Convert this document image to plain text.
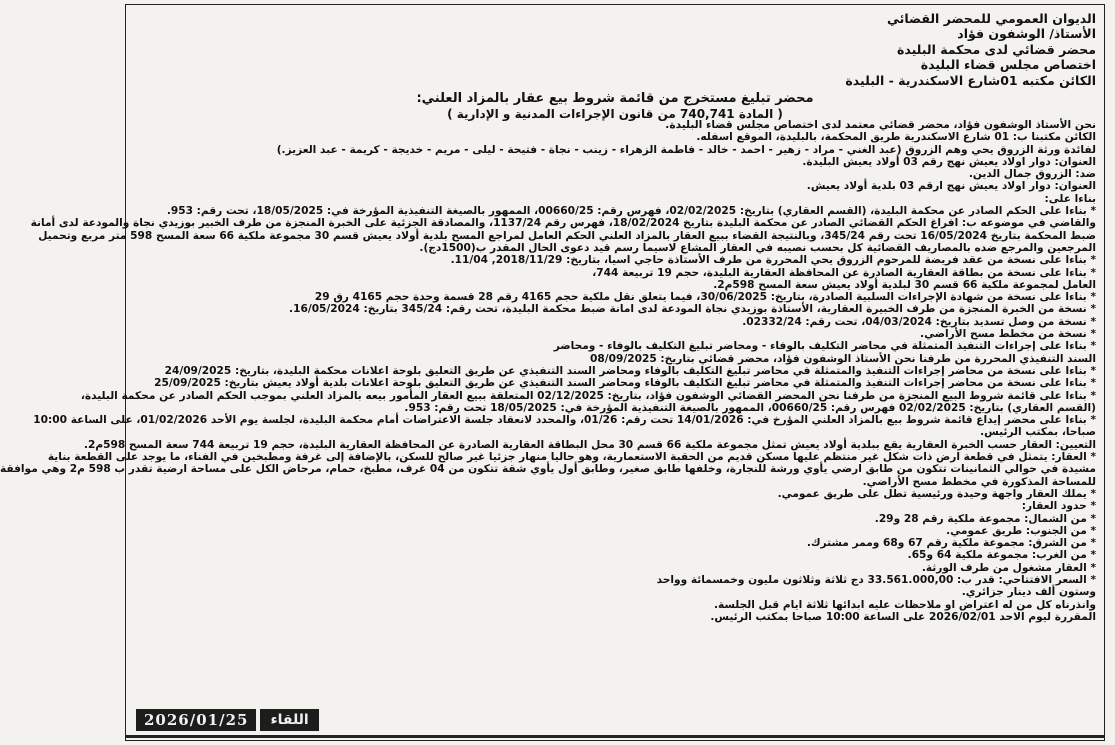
الديوان العمومي للمحضر القضائي
الأستاذ/ الوشفون فؤاد
محضر قضائي لدى محكمة البليدة
اختصاص مجلس قضاء البليدة
الكائن مكتبه 01شارع الاسكندرية - البليدة
محضر تبليغ مستخرج من قائمة شروط بيع عقار بالمزاد العلني:
( المادة 740,741 من قانون الإجراءات المدنية و الإدارية )
نحن الأستاذ الوشفون فؤاد، محضر قضائي معتمد لدى اختصاص مجلس قضاء البليدة.
الكائن مكتبنا ب: 01 شارع الاسكندرية طريق المحكمة، بالبليدة، الموقع اسفله.
لفائدة ورثة الزروق يحي وهم الزروق (عبد الغني - مراد - زهير - احمد - خالد - فاطمة الزهراء - زينب - نجاة - فتيحة - ليلى - مريم - خديجة - كريمة - عبد العزيز.)
العنوان: دوار اولاد يعيش نهج رقم 03 أولاد يعيش البليدة.
ضد: الزروق جمال الدين.
العنوان: دوار اولاد يعيش نهج ارقم 03 بلدية أولاد يعيش.
بناءا على:
* بناءا على الحكم الصادر عن محكمة البليدة، (القسم العقاري) بتاريخ: 02/02/2025، فهرس رقم: 00660/25، الممهور بالصيغة التنفيذية المؤرخة في: 18/05/2025، تحت رقم: 953.
والقاضي في موضوعه ب: افراغ الحكم القضائي الصادر عن محكمة البليدة بتاريخ 18/02/2024، فهرس رقم 1137/24، والمصادقة الجزئية على الخبرة المنجزة من طرف الخبير بوزيدي نجاة والمودعة لدى أمانة
ضبط المحكمة بتاريخ 16/05/2024 تحت رقم 345/24، وبالنتيجة القضاء ببيع العقار بالمزاد العلني الحكم العامل لمراجع المسح بلدية أولاد يعيش قسم 30 مجموعة ملكية 66 سعة المسح 598 متر مربع وتحميل
المرجعين والمرجع ضده بالمصاريف القضائية كل بحسب نصيبه في العقار المشاع لاسيما رسم قيد دعوى الحال المقدر ب(1500دج).
* بناءا على نسخة من عقد فريضة للمرحوم الزروق يحي المحررة من طرف الأستاذة حاجي اسيا، بتاريخ: 2018/11/29, 11/04.
* بناءا على نسخة من بطاقة العقارية الصادرة عن المحافظة العقارية البليدة، حجم 19 تربيعة 744،
العامل لمجموعة ملكية 66 قسم 30 لبلدية أولاد يعيش سعة المسح 598م2.
* بناءا على نسخة من شهادة الإجراءات السلبية الصادرة، بتاريخ: 30/06/2025، فيما يتعلق نقل ملكية حجم 4165 رقم 28 قسمة وحدة حجم 4165 رق 29
* نسخة من الخبرة المنجزة من طرف الخبيرة العقارية، الأستاذة بوزيدي نجاة المودعة لدى امانة ضبط محكمة البليدة، تحت رقم: 345/24 بتاريخ: 16/05/2024.
* نسخة من وصل تسديد بتاريخ: 04/03/2024، تحت رقم: 02332/24.
* نسخة من مخطط مسح الأراضي.
* بناءا على إجراءات التنفيذ المتمثلة في محاضر التكليف بالوفاء - ومحاضر تبليغ التكليف بالوفاء - ومحاضر
السند التنفيذي المحررة من طرفنا نحن الأستاذ الوشفون فؤاد، محضر قضائي بتاريخ: 08/09/2025
* بناءا على نسخة من محاضر إجراءات التنفيذ والمتمثلة في محاضر تبليغ التكليف بالوفاء ومحاضر السند التنفيذي عن طريق التعليق بلوحة اعلانات محكمة البليدة، بتاريخ: 24/09/2025
* بناءا على نسخة من محاضر إجراءات التنفيذ والمتمثلة في محاضر تبليغ التكليف بالوفاء ومحاضر السند التنفيذي عن طريق التعليق بلوحة اعلانات بلدية أولاد يعيش بتاريخ: 25/09/2025
* بناءا على قائمة شروط البيع المنجزة من طرفنا نحن المحضر القضائي الوشفون فؤاد، بتاريخ: 02/12/2025 المتعلقة ببيع العقار المأمور بيعه بالمزاد العلني بموجب الحكم الصادر عن محكمة البليدة،
(القسم العقاري) بتاريخ: 02/02/2025 فهرس رقم: 00660/25، الممهور بالصيغة التنفيذية المؤرخة في: 18/05/2025 تحت رقم: 953.
* بناءا على محضر إيداع قائمة شروط بيع بالمزاد العلني المؤرخ في: 14/01/2026 تحت رقم: 01/26، والمحدد لانعقاد جلسة الاعتراضات أمام محكمة البليدة، لجلسة يوم الأحد 01/02/2026، على الساعة 10:00
صباحا، بمكتب الرئيس.
التعيين: العقار حسب الخبرة العقارية يقع ببلدية أولاد يعيش تمثل مجموعة ملكية 66 قسم 30 محل البطاقة العقارية الصادرة عن المحافظة العقارية البليدة، حجم 19 تربيعة 744 سعة المسح 598م2.
* العقار: يتمثل في قطعة ارض ذات شكل غير منتظم عليها مسكن قديم من الحقبة الاستعمارية، وهو حاليا منهار جزئيا غير صالح للسكن، بالإضافة إلى غرفة ومطبخين في الفناء، ما يوجد على القطعة بناية
مشيدة في حوالي الثمانينات تتكون من طابق ارضي يأوي ورشة للنجارة، وخلفها طابق صغير، وطابق أول يأوي شقة تتكون من 04 غرف، مطبخ، حمام، مرحاض الكل على مساحة ارضية تقدر ب 598 م2 وهي موافقة
للمساحة المذكورة في مخطط مسح الأراضي.
* يملك العقار واجهة وحيدة ورئيسية تطل على طريق عمومي.
* حدود العقار:
* من الشمال: مجموعة ملكية رقم 28 و29.
* من الجنوب: طريق عمومي.
* من الشرق: مجموعة ملكية رقم 67 و68 وممر مشترك.
* من الغرب: مجموعة ملكية 64 و65.
* العقار مشغول من طرف الورثة.
* السعر الافتتاحي: قدر ب: 33.561.000,00 دج ثلاثة وثلاثون مليون وخمسمائة وواحد
وستون ألف دينار جزائري.
وانذرناه كل من له اعتراض او ملاحظات عليه ابدائها ثلاثة ايام قبل الجلسة.
المقررة ليوم الاحد 2026/02/01 على الساعة 10:00 صباحا بمكتب الرئيس.
2026/01/25	اللقاء
